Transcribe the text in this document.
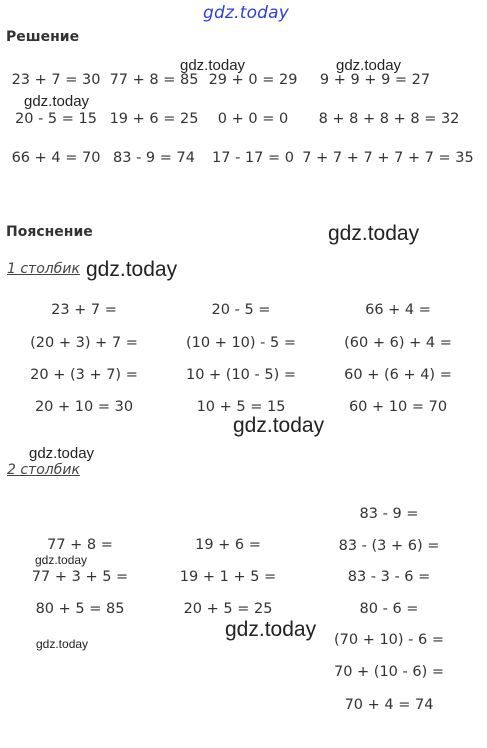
gdz.today
Решение
23 + 7 = 30 77 + 8 = 85 29 + 0 = 29 9 + 9 + 9 = 27
20 - 5 = 15 19 + 6 = 25 0 + 0 = 0 8 + 8 + 8 + 8 = 32
66 + 4 = 70 83 - 9 = 74 17 - 17 = 0 7 + 7 + 7 + 7 + 7 = 35
Пояснение
1 столбик
23 + 7 =
(20 + 3) + 7 =
20 + (3 + 7) =
20 + 10 = 30
20 - 5 =
(10 + 10) - 5 =
10 + (10 - 5) =
10 + 5 = 15
66 + 4 =
(60 + 6) + 4 =
60 + (6 + 4) =
60 + 10 = 70
2 столбик
77 + 8 =
77 + 3 + 5 =
80 + 5 = 85
19 + 6 =
19 + 1 + 5 =
20 + 5 = 25
83 - 9 =
83 - (3 + 6) =
83 - 3 - 6 =
80 - 6 =
(70 + 10) - 6 =
70 + (10 - 6) =
70 + 4 = 74
gdz.today	gdz.today
gdz.today
gdz.today
gdz.today
gdz.today
gdz.today
gdz.today
gdz.today
gdz.today
